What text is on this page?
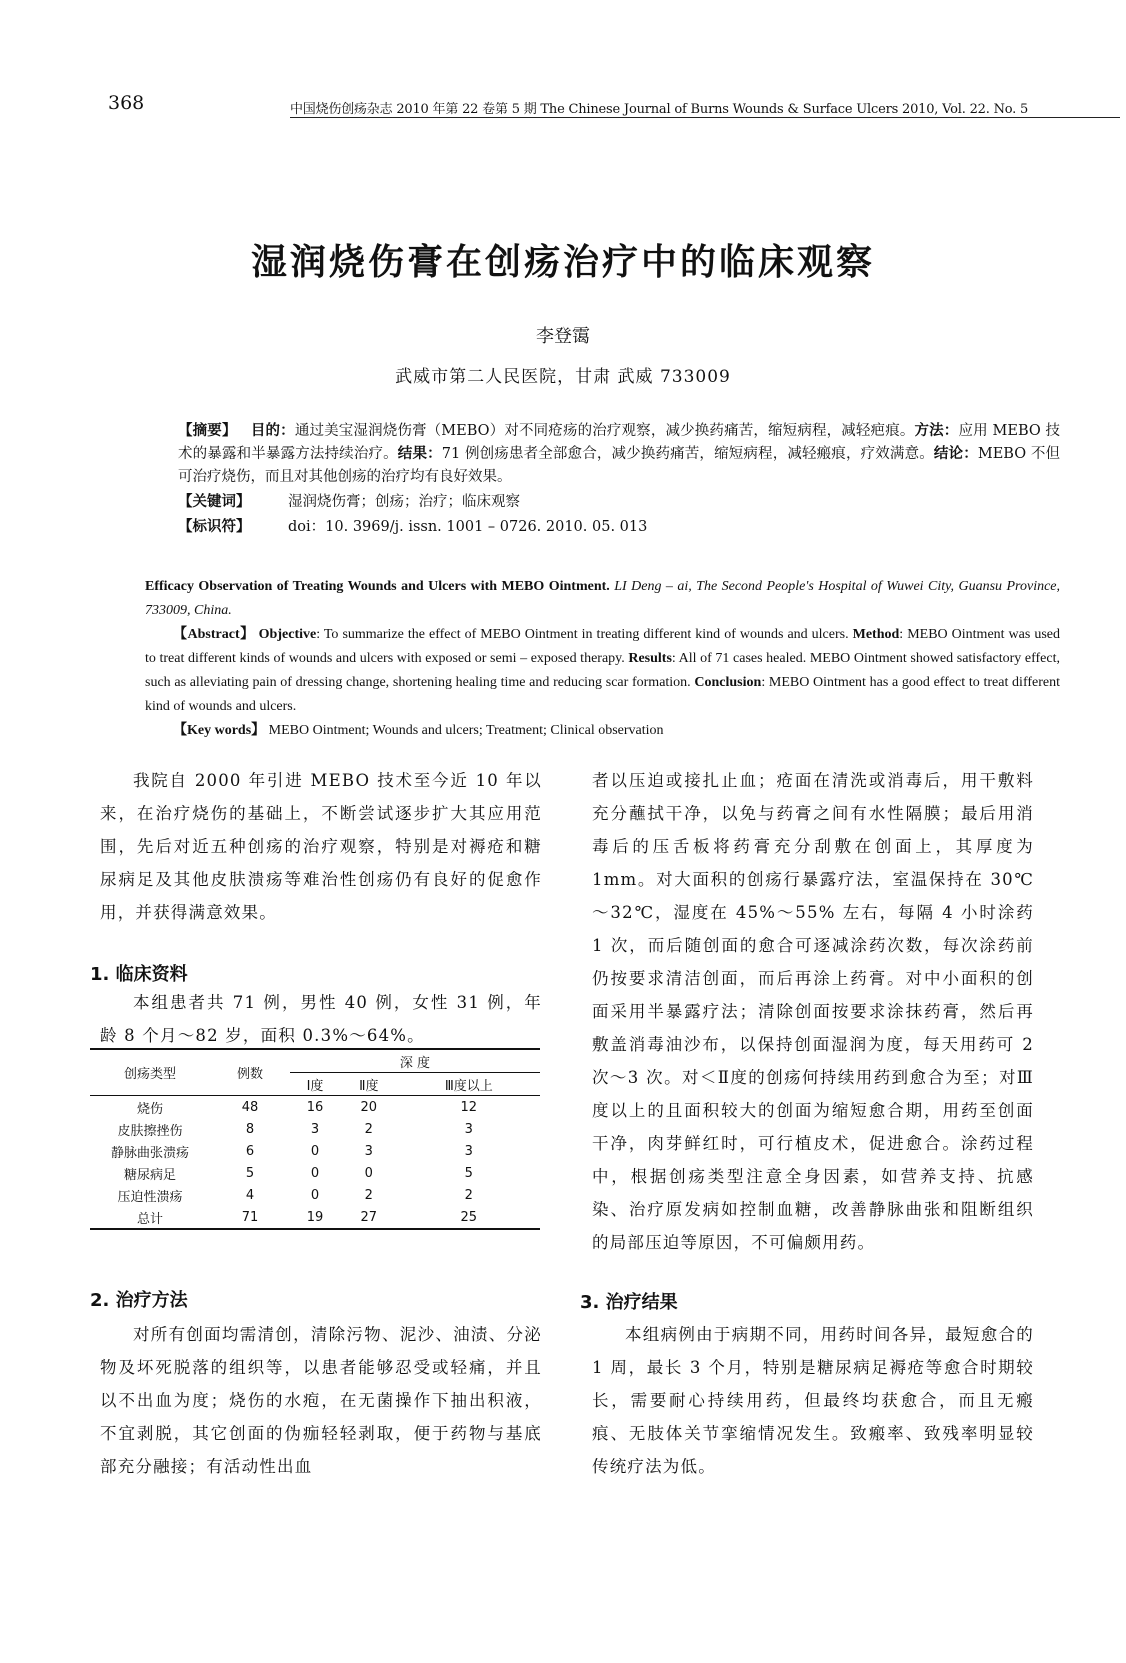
368	中国烧伤创疡杂志 2010 年第 22 卷第 5 期 The Chinese Journal of Burns Wounds & Surface Ulcers 2010, Vol. 22. No. 5
湿润烧伤膏在创疡治疗中的临床观察
李登霭
武威市第二人民医院，甘肃 武威 733009

【摘要】 目的：通过美宝湿润烧伤膏（MEBO）对不同疮疡的治疗观察，减少换药痛苦，缩短病程，减轻疤痕。方法：应用 MEBO 技术的暴露和半暴露方法持续治疗。结果：71 例创疡患者全部愈合，减少换药痛苦，缩短病程，减轻瘢痕，疗效满意。结论：MEBO 不但可治疗烧伤，而且对其他创疡的治疗均有良好效果。

【关键词】	湿润烧伤膏；创疡；治疗；临床观察

【标识符】	doi：10. 3969/j. issn. 1001 – 0726. 2010. 05. 013

Efficacy Observation of Treating Wounds and Ulcers with MEBO Ointment. LI Deng – ai, The Second People's Hospital of Wuwei City, Guansu Province, 733009, China.

【Abstract】 Objective: To summarize the effect of MEBO Ointment in treating different kind of wounds and ulcers. Method: MEBO Ointment was used to treat different kinds of wounds and ulcers with exposed or semi – exposed therapy. Results: All of 71 cases healed. MEBO Ointment showed satisfactory effect, such as alleviating pain of dressing change, shortening healing time and reducing scar formation. Conclusion: MEBO Ointment has a good effect to treat different kind of wounds and ulcers.

【Key words】 MEBO Ointment; Wounds and ulcers; Treatment; Clinical observation

我院自 2000 年引进 MEBO 技术至今近 10 年以来，在治疗烧伤的基础上，不断尝试逐步扩大其应用范围，先后对近五种创疡的治疗观察，特别是对褥疮和糖尿病足及其他皮肤溃疡等难治性创疡仍有良好的促愈作用，并获得满意效果。

1. 临床资料

本组患者共 71 例，男性 40 例，女性 31 例，年龄 8 个月～82 岁，面积 0.3%～64%。

创疡类型	例数	深 度		
		Ⅰ度	Ⅱ度	Ⅲ度以上
烧伤	48	16	20	12
皮肤擦挫伤	8	3	2	3
静脉曲张溃疡	6	0	3	3
糖尿病足	5	0	0	5
压迫性溃疡	4	0	2	2
总计	71	19	27	25
2. 治疗方法

对所有创面均需清创，清除污物、泥沙、油渍、分泌物及坏死脱落的组织等，以患者能够忍受或轻痛，并且以不出血为度；烧伤的水疱，在无菌操作下抽出积液，不宜剥脱，其它创面的伪痂轻轻剥取，便于药物与基底部充分融接；有活动性出血

者以压迫或接扎止血；疮面在清洗或消毒后，用干敷料充分蘸拭干净，以免与药膏之间有水性隔膜；最后用消毒后的压舌板将药膏充分刮敷在创面上，其厚度为 1mm。对大面积的创疡行暴露疗法，室温保持在 30℃～32℃，湿度在 45%～55% 左右，每隔 4 小时涂药 1 次，而后随创面的愈合可逐减涂药次数，每次涂药前仍按要求清洁创面，而后再涂上药膏。对中小面积的创面采用半暴露疗法；清除创面按要求涂抹药膏，然后再敷盖消毒油沙布，以保持创面湿润为度，每天用药可 2 次～3 次。对＜Ⅱ度的创疡何持续用药到愈合为至；对Ⅲ度以上的且面积较大的创面为缩短愈合期，用药至创面干净，肉芽鲜红时，可行植皮术，促进愈合。涂药过程中，根据创疡类型注意全身因素，如营养支持、抗感染、治疗原发病如控制血糖，改善静脉曲张和阻断组织的局部压迫等原因，不可偏颇用药。

3. 治疗结果

本组病例由于病期不同，用药时间各异，最短愈合的 1 周，最长 3 个月，特别是糖尿病足褥疮等愈合时期较长，需要耐心持续用药，但最终均获愈合，而且无瘢痕、无肢体关节挛缩情况发生。致瘢率、致残率明显较传统疗法为低。
